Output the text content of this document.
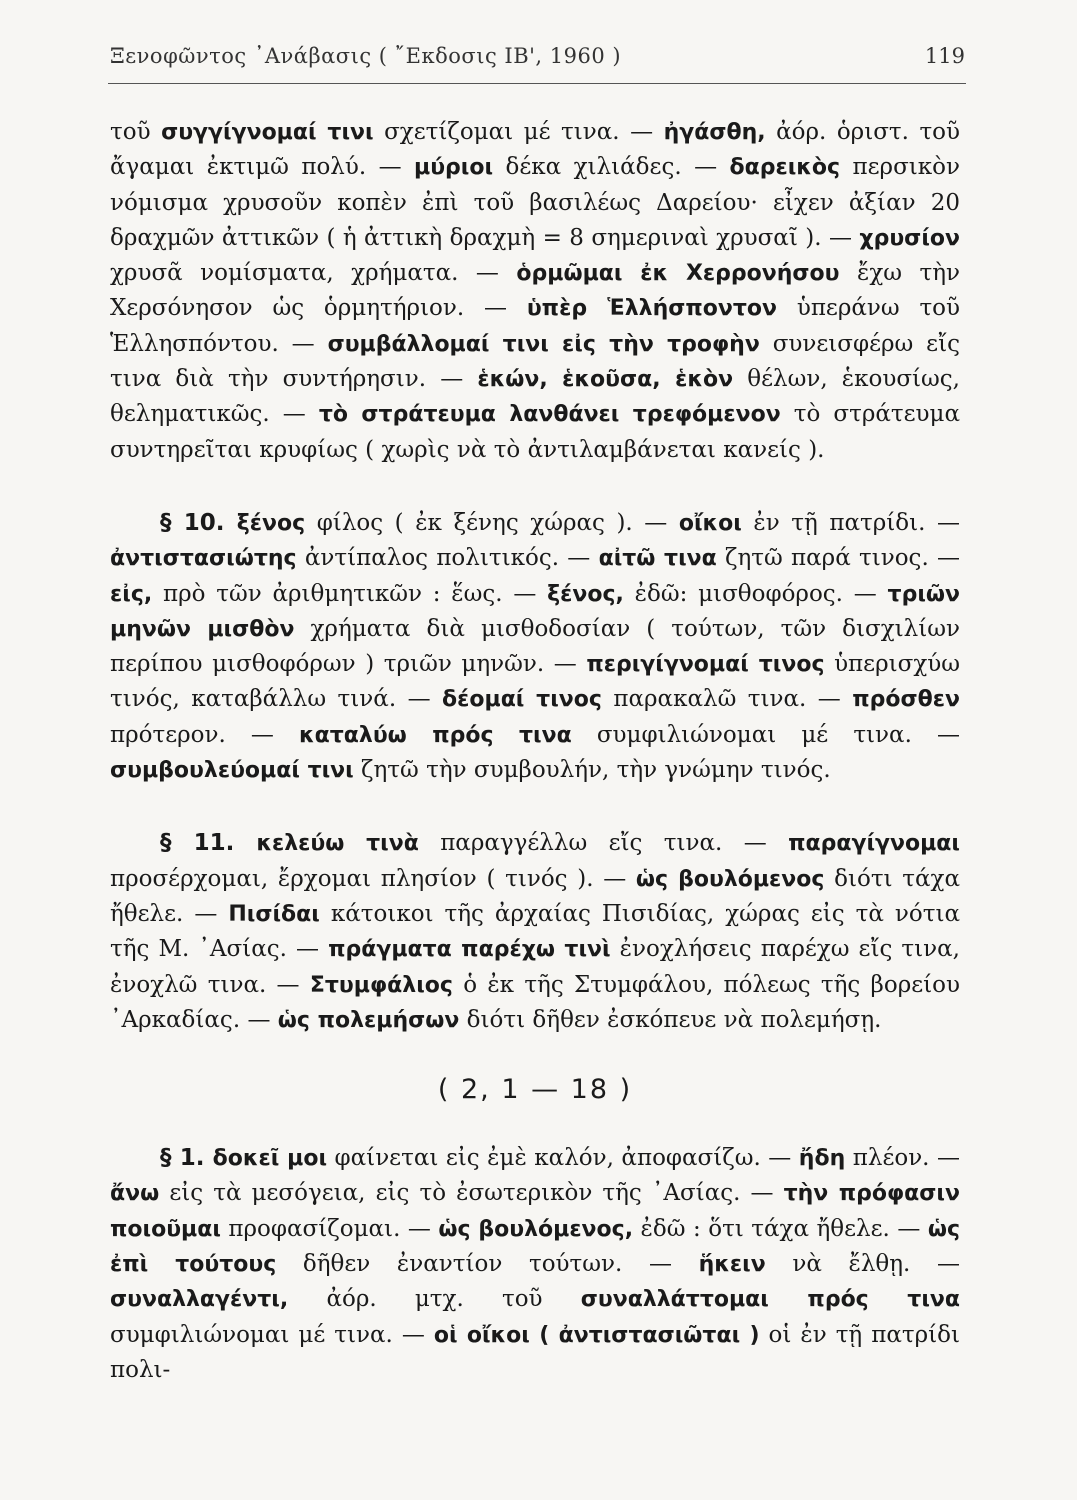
Ξενοφῶντος ᾿Ανάβασις ( ῎Εκδοσις ΙΒ', 1960 )	119

τοῦ συγγίγνομαί τινι σχετίζομαι μέ τινα. — ἠγάσθη, ἀόρ. ὁριστ. τοῦ ἄγαμαι ἐκτιμῶ πολύ. — μύριοι δέκα χιλιάδες. — δαρεικὸς περσικὸν νόμισμα χρυσοῦν κοπὲν ἐπὶ τοῦ βασιλέως Δαρείου· εἶχεν ἀξίαν 20 δραχμῶν ἀττικῶν ( ἡ ἀττικὴ δραχμὴ = 8 σημεριναὶ χρυσαῖ ). — χρυσίον χρυσᾶ νομίσματα, χρήματα. — ὁρμῶμαι ἐκ Χερρονήσου ἔχω τὴν Χερσόνησον ὡς ὁρμητήριον. — ὑπὲρ Ἑλλήσποντον ὑπεράνω τοῦ Ἑλλησπόντου. — συμβάλλομαί τινι εἰς τὴν τροφὴν συνεισφέρω εἴς τινα διὰ τὴν συντήρησιν. — ἑκών, ἑκοῦσα, ἑκὸν θέλων, ἑκουσίως, θεληματικῶς. — τὸ στράτευμα λανθάνει τρεφόμενον τὸ στράτευμα συντηρεῖται κρυφίως ( χωρὶς νὰ τὸ ἀντιλαμβάνεται κανείς ).

§ 10. ξένος φίλος ( ἐκ ξένης χώρας ). — οἴκοι ἐν τῇ πατρίδι. — ἀντιστασιώτης ἀντίπαλος πολιτικός. — αἰτῶ τινα ζητῶ παρά τινος. — εἰς, πρὸ τῶν ἀριθμητικῶν : ἕως. — ξένος, ἐδῶ: μισθοφόρος. — τριῶν μηνῶν μισθὸν χρήματα διὰ μισθοδοσίαν ( τούτων, τῶν δισχιλίων περίπου μισθοφόρων ) τριῶν μηνῶν. — περιγίγνομαί τινος ὑπερισχύω τινός, καταβάλλω τινά. — δέομαί τινος παρακαλῶ τινα. — πρόσθεν πρότερον. — καταλύω πρός τινα συμφιλιώνομαι μέ τινα. — συμβουλεύομαί τινι ζητῶ τὴν συμβουλήν, τὴν γνώμην τινός.

§ 11. κελεύω τινὰ παραγγέλλω εἴς τινα. — παραγίγνομαι προσέρχομαι, ἔρχομαι πλησίον ( τινός ). — ὡς βουλόμενος διότι τάχα ἤθελε. — Πισίδαι κάτοικοι τῆς ἀρχαίας Πισιδίας, χώρας εἰς τὰ νότια τῆς Μ. ᾿Ασίας. — πράγματα παρέχω τινὶ ἐνοχλήσεις παρέχω εἴς τινα, ἐνοχλῶ τινα. — Στυμφάλιος ὁ ἐκ τῆς Στυμφάλου, πόλεως τῆς βορείου ᾿Αρκαδίας. — ὡς πολεμήσων διότι δῆθεν ἐσκόπευε νὰ πολεμήσῃ.

( 2, 1 — 18 )

§ 1. δοκεῖ μοι φαίνεται εἰς ἐμὲ καλόν, ἀποφασίζω. — ἤδη πλέον. — ἄνω εἰς τὰ μεσόγεια, εἰς τὸ ἐσωτερικὸν τῆς ᾿Ασίας. — τὴν πρόφασιν ποιοῦμαι προφασίζομαι. — ὡς βουλόμενος, ἐδῶ : ὅτι τάχα ἤθελε. — ὡς ἐπὶ τούτους δῆθεν ἐναντίον τούτων. — ἥκειν νὰ ἔλθῃ. — συναλλαγέντι, ἀόρ. μτχ. τοῦ συναλλάττομαι πρός τινα συμφιλιώνομαι μέ τινα. — οἱ οἴκοι ( ἀντιστασιῶται ) οἱ ἐν τῇ πατρίδι πολι-
